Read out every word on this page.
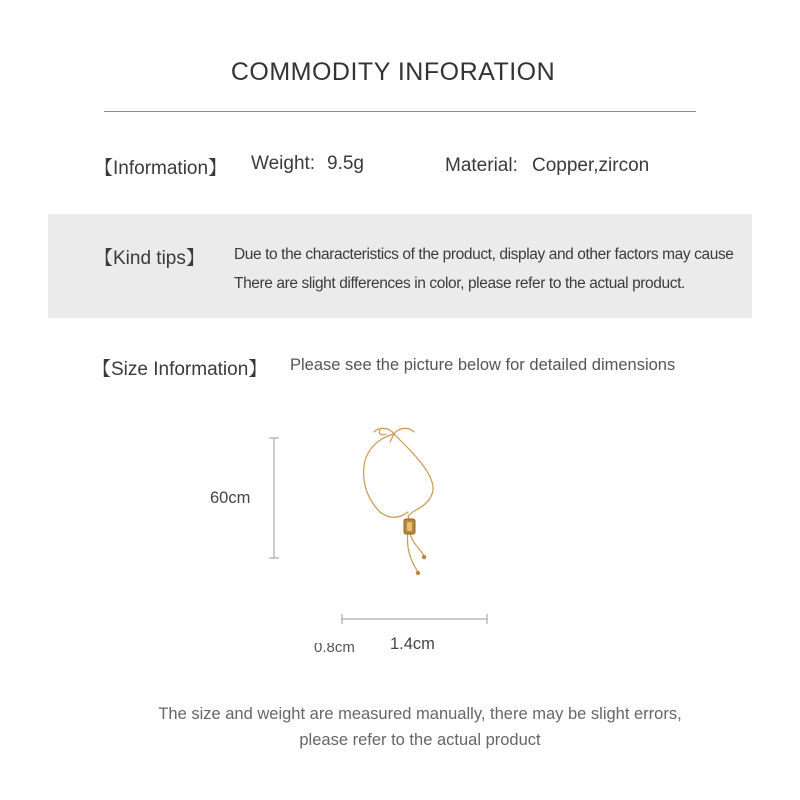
COMMODITY INFORATION
【Information】 Weight: 9.5g	Material: Copper,zircon
【Kind tips】 Due to the characteristics of the product, display and other factors may cause
There are slight differences in color, please refer to the actual product.
【Size Information】 Please see the picture below for detailed dimensions
60cm
1.4cm
0.8cm
The size and weight are measured manually, there may be slight errors,
please refer to the actual product
